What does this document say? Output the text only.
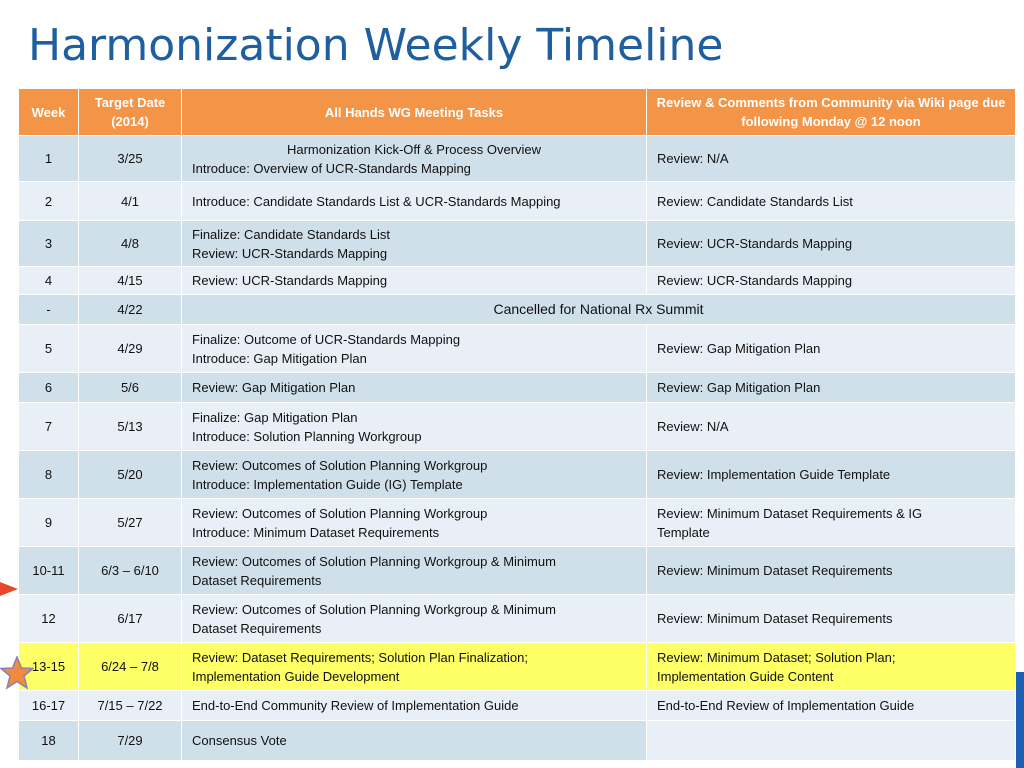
Harmonization Weekly Timeline
Week	Target Date (2014)	All Hands WG Meeting Tasks	Review & Comments from Community via Wiki page due following Monday @ 12 noon
1	3/25	Harmonization Kick-Off & Process Overview
Introduce: Overview of UCR-Standards Mapping	Review: N/A

2	4/1	Introduce: Candidate Standards List & UCR-Standards Mapping	Review: Candidate Standards List

3	4/8	Finalize: Candidate Standards List
Review: UCR-Standards Mapping	Review: UCR-Standards Mapping

4	4/15	Review: UCR-Standards Mapping	Review: UCR-Standards Mapping

-	4/22	Cancelled for National Rx Summit	
5	4/29	Finalize: Outcome of UCR-Standards Mapping
Introduce: Gap Mitigation Plan	Review: Gap Mitigation Plan

6	5/6	Review: Gap Mitigation Plan	Review: Gap Mitigation Plan

7	5/13	Finalize: Gap Mitigation Plan
Introduce: Solution Planning Workgroup	Review: N/A

8	5/20	Review: Outcomes of Solution Planning Workgroup
Introduce: Implementation Guide (IG) Template	Review: Implementation Guide Template

9	5/27	Review: Outcomes of Solution Planning Workgroup
Introduce: Minimum Dataset Requirements	Review: Minimum Dataset Requirements & IG
Template

10-11	6/3 – 6/10	Review: Outcomes of Solution Planning Workgroup & Minimum
Dataset Requirements	Review: Minimum Dataset Requirements

12	6/17	Review: Outcomes of Solution Planning Workgroup & Minimum
Dataset Requirements	Review: Minimum Dataset Requirements

13-15	6/24 – 7/8	Review: Dataset Requirements; Solution Plan Finalization;
Implementation Guide Development	Review: Minimum Dataset; Solution Plan;
Implementation Guide Content

16-17	7/15 – 7/22	End-to-End Community Review of Implementation Guide	End-to-End Review of Implementation Guide

18	7/29	Consensus Vote	
